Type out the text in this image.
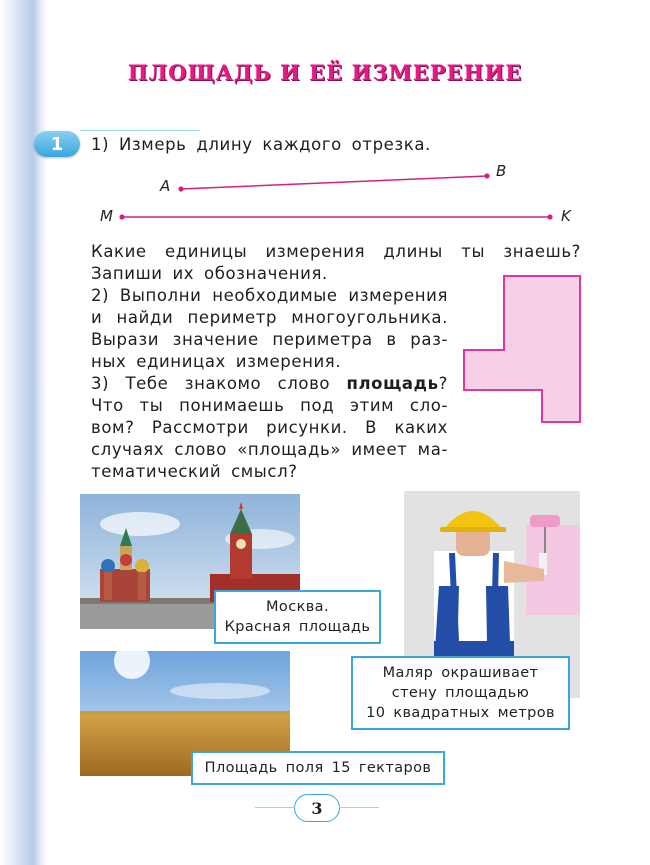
ПЛОЩАДЬ И ЕЁ ИЗМЕРЕНИЕ
1	1) Измерь длину каждого отрезка.
A
B
M	K
Какие единицы измерения длины ты знаешь?
Запиши их обозначения.
2) Выполни необходимые измерения
и найди периметр многоугольника.
Вырази значение периметра в раз-
ных единицах измерения.
3) Тебе знакомо слово площадь?
Что ты понимаешь под этим сло-
вом? Рассмотри рисунки. В каких
случаях слово «площадь» имеет ма-
тематический смысл?
Москва.
Красная площадь
Маляр окрашивает
стену площадью
10 квадратных метров
Площадь поля 15 гектаров
3
